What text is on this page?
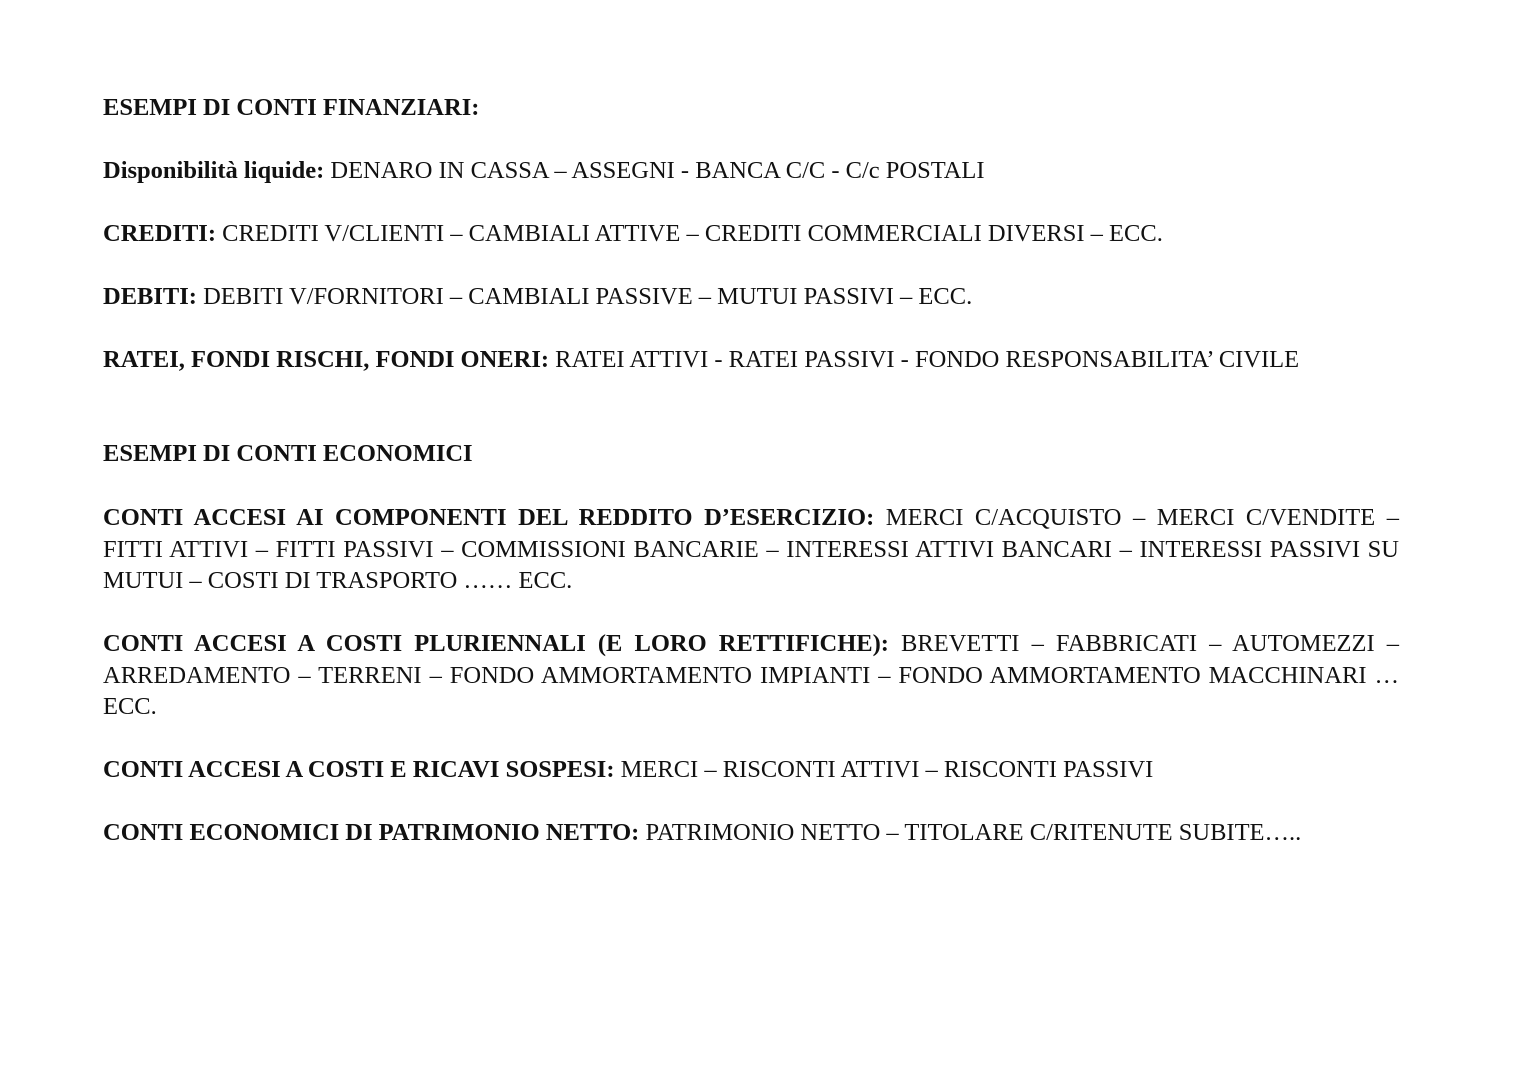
ESEMPI DI CONTI FINANZIARI:
Disponibilità liquide: DENARO IN CASSA – ASSEGNI - BANCA C/C - C/c POSTALI
CREDITI: CREDITI V/CLIENTI – CAMBIALI ATTIVE – CREDITI COMMERCIALI DIVERSI – ECC.
DEBITI: DEBITI V/FORNITORI – CAMBIALI PASSIVE – MUTUI PASSIVI – ECC.
RATEI, FONDI RISCHI, FONDI ONERI: RATEI ATTIVI - RATEI PASSIVI - FONDO RESPONSABILITA’ CIVILE
ESEMPI DI CONTI ECONOMICI
CONTI ACCESI AI COMPONENTI DEL REDDITO D’ESERCIZIO: MERCI C/ACQUISTO – MERCI C/VENDITE – FITTI ATTIVI – FITTI PASSIVI – COMMISSIONI BANCARIE – INTERESSI ATTIVI BANCARI – INTERESSI PASSIVI SU MUTUI – COSTI DI TRASPORTO …… ECC.
CONTI ACCESI A COSTI PLURIENNALI (E LORO RETTIFICHE): BREVETTI – FABBRICATI – AUTOMEZZI – ARREDAMENTO – TERRENI – FONDO AMMORTAMENTO IMPIANTI – FONDO AMMORTAMENTO MACCHINARI … ECC.
CONTI ACCESI A COSTI E RICAVI SOSPESI: MERCI – RISCONTI ATTIVI – RISCONTI PASSIVI
CONTI ECONOMICI DI PATRIMONIO NETTO: PATRIMONIO NETTO – TITOLARE C/RITENUTE SUBITE…..
